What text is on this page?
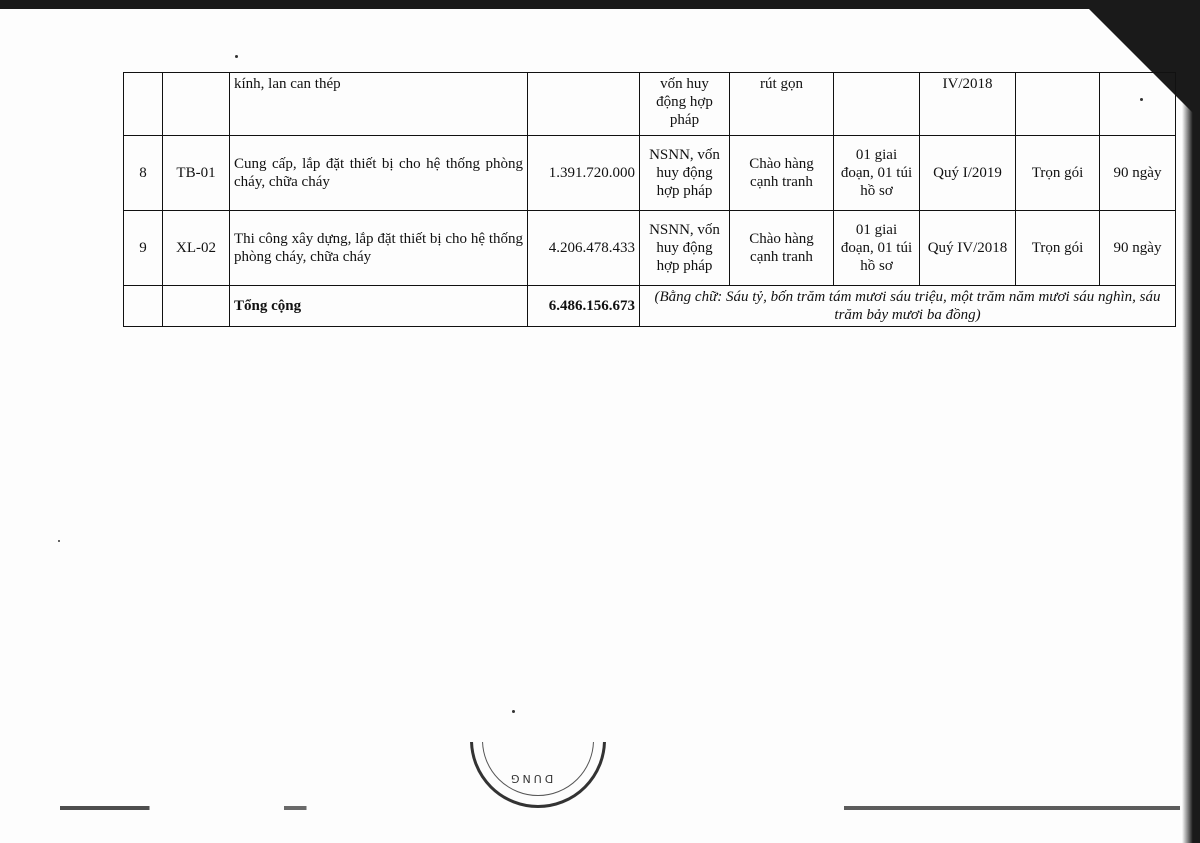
		kính, lan can thép		vốn huy động hợp pháp	rút gọn		IV/2018		
8	TB-01	Cung cấp, lắp đặt thiết bị cho hệ thống phòng cháy, chữa cháy	1.391.720.000	NSNN, vốn huy động hợp pháp	Chào hàng cạnh tranh	01 giai đoạn, 01 túi hồ sơ	Quý I/2019	Trọn gói	90 ngày
9	XL-02	Thi công xây dựng, lắp đặt thiết bị cho hệ thống phòng cháy, chữa cháy	4.206.478.433	NSNN, vốn huy động hợp pháp	Chào hàng cạnh tranh	01 giai đoạn, 01 túi hồ sơ	Quý IV/2018	Trọn gói	90 ngày
		Tổng cộng	6.486.156.673	(Bằng chữ: Sáu tỷ, bốn trăm tám mươi sáu triệu, một trăm năm mươi sáu nghìn, sáu trăm bảy mươi ba đồng)					
DUNG
